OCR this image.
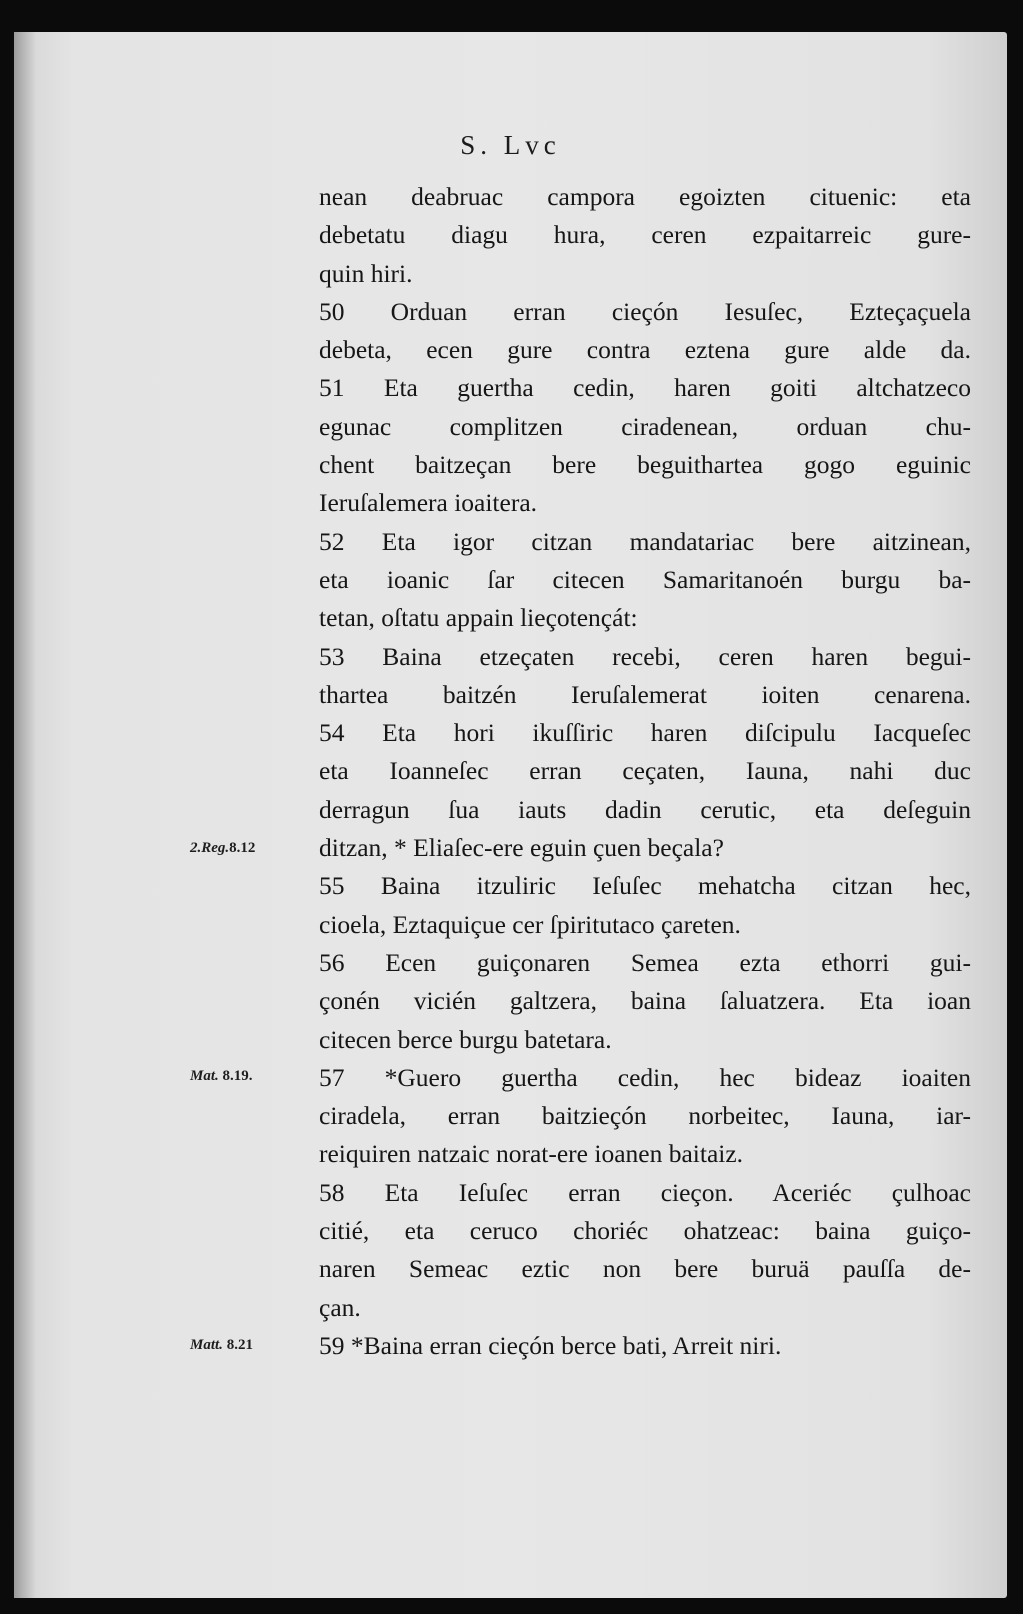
S. Lvc
nean deabruac campora egoizten cituenic: eta
debetatu diagu hura, ceren ezpaitarreic gure-
quin hiri.
50 Orduan erran cieçón Iesuſec, Ezteçaçuela
debeta, ecen gure contra eztena gure alde da.
51 Eta guertha cedin, haren goiti altchatzeco
egunac complitzen ciradenean, orduan chu-
chent baitzeçan bere beguithartea gogo eguinic
Ieruſalemera ioaitera.
52 Eta igor citzan mandatariac bere aitzinean,
eta ioanic ſar citecen Samaritanoén burgu ba-
tetan, oſtatu appain lieçotençát:
53 Baina etzeçaten recebi, ceren haren begui-
thartea baitzén Ieruſalemerat ioiten cenarena.
54 Eta hori ikuſſiric haren diſcipulu Iacqueſec
eta Ioanneſec erran ceçaten, Iauna, nahi duc
derragun ſua iauts dadin cerutic, eta deſeguin
ditzan, * Eliaſec-ere eguin çuen beçala?
55 Baina itzuliric Ieſuſec mehatcha citzan hec,
cioela, Eztaquiçue cer ſpiritutaco çareten.
56 Ecen guiçonaren Semea ezta ethorri gui-
çonén vicién galtzera, baina ſaluatzera. Eta ioan
citecen berce burgu batetara.
57 *Guero guertha cedin, hec bideaz ioaiten
ciradela, erran baitzieçón norbeitec, Iauna, iar-
reiquiren natzaic norat-ere ioanen baitaiz.
58 Eta Ieſuſec erran cieçon. Aceriéc çulhoac
citié, eta ceruco choriéc ohatzeac: baina guiço-
naren Semeac eztic non bere buruä pauſſa de-
çan.
59 *Baina erran cieçón berce bati, Arreit niri.
2.Reg.8.12
Mat. 8.19.
Matt. 8.21
